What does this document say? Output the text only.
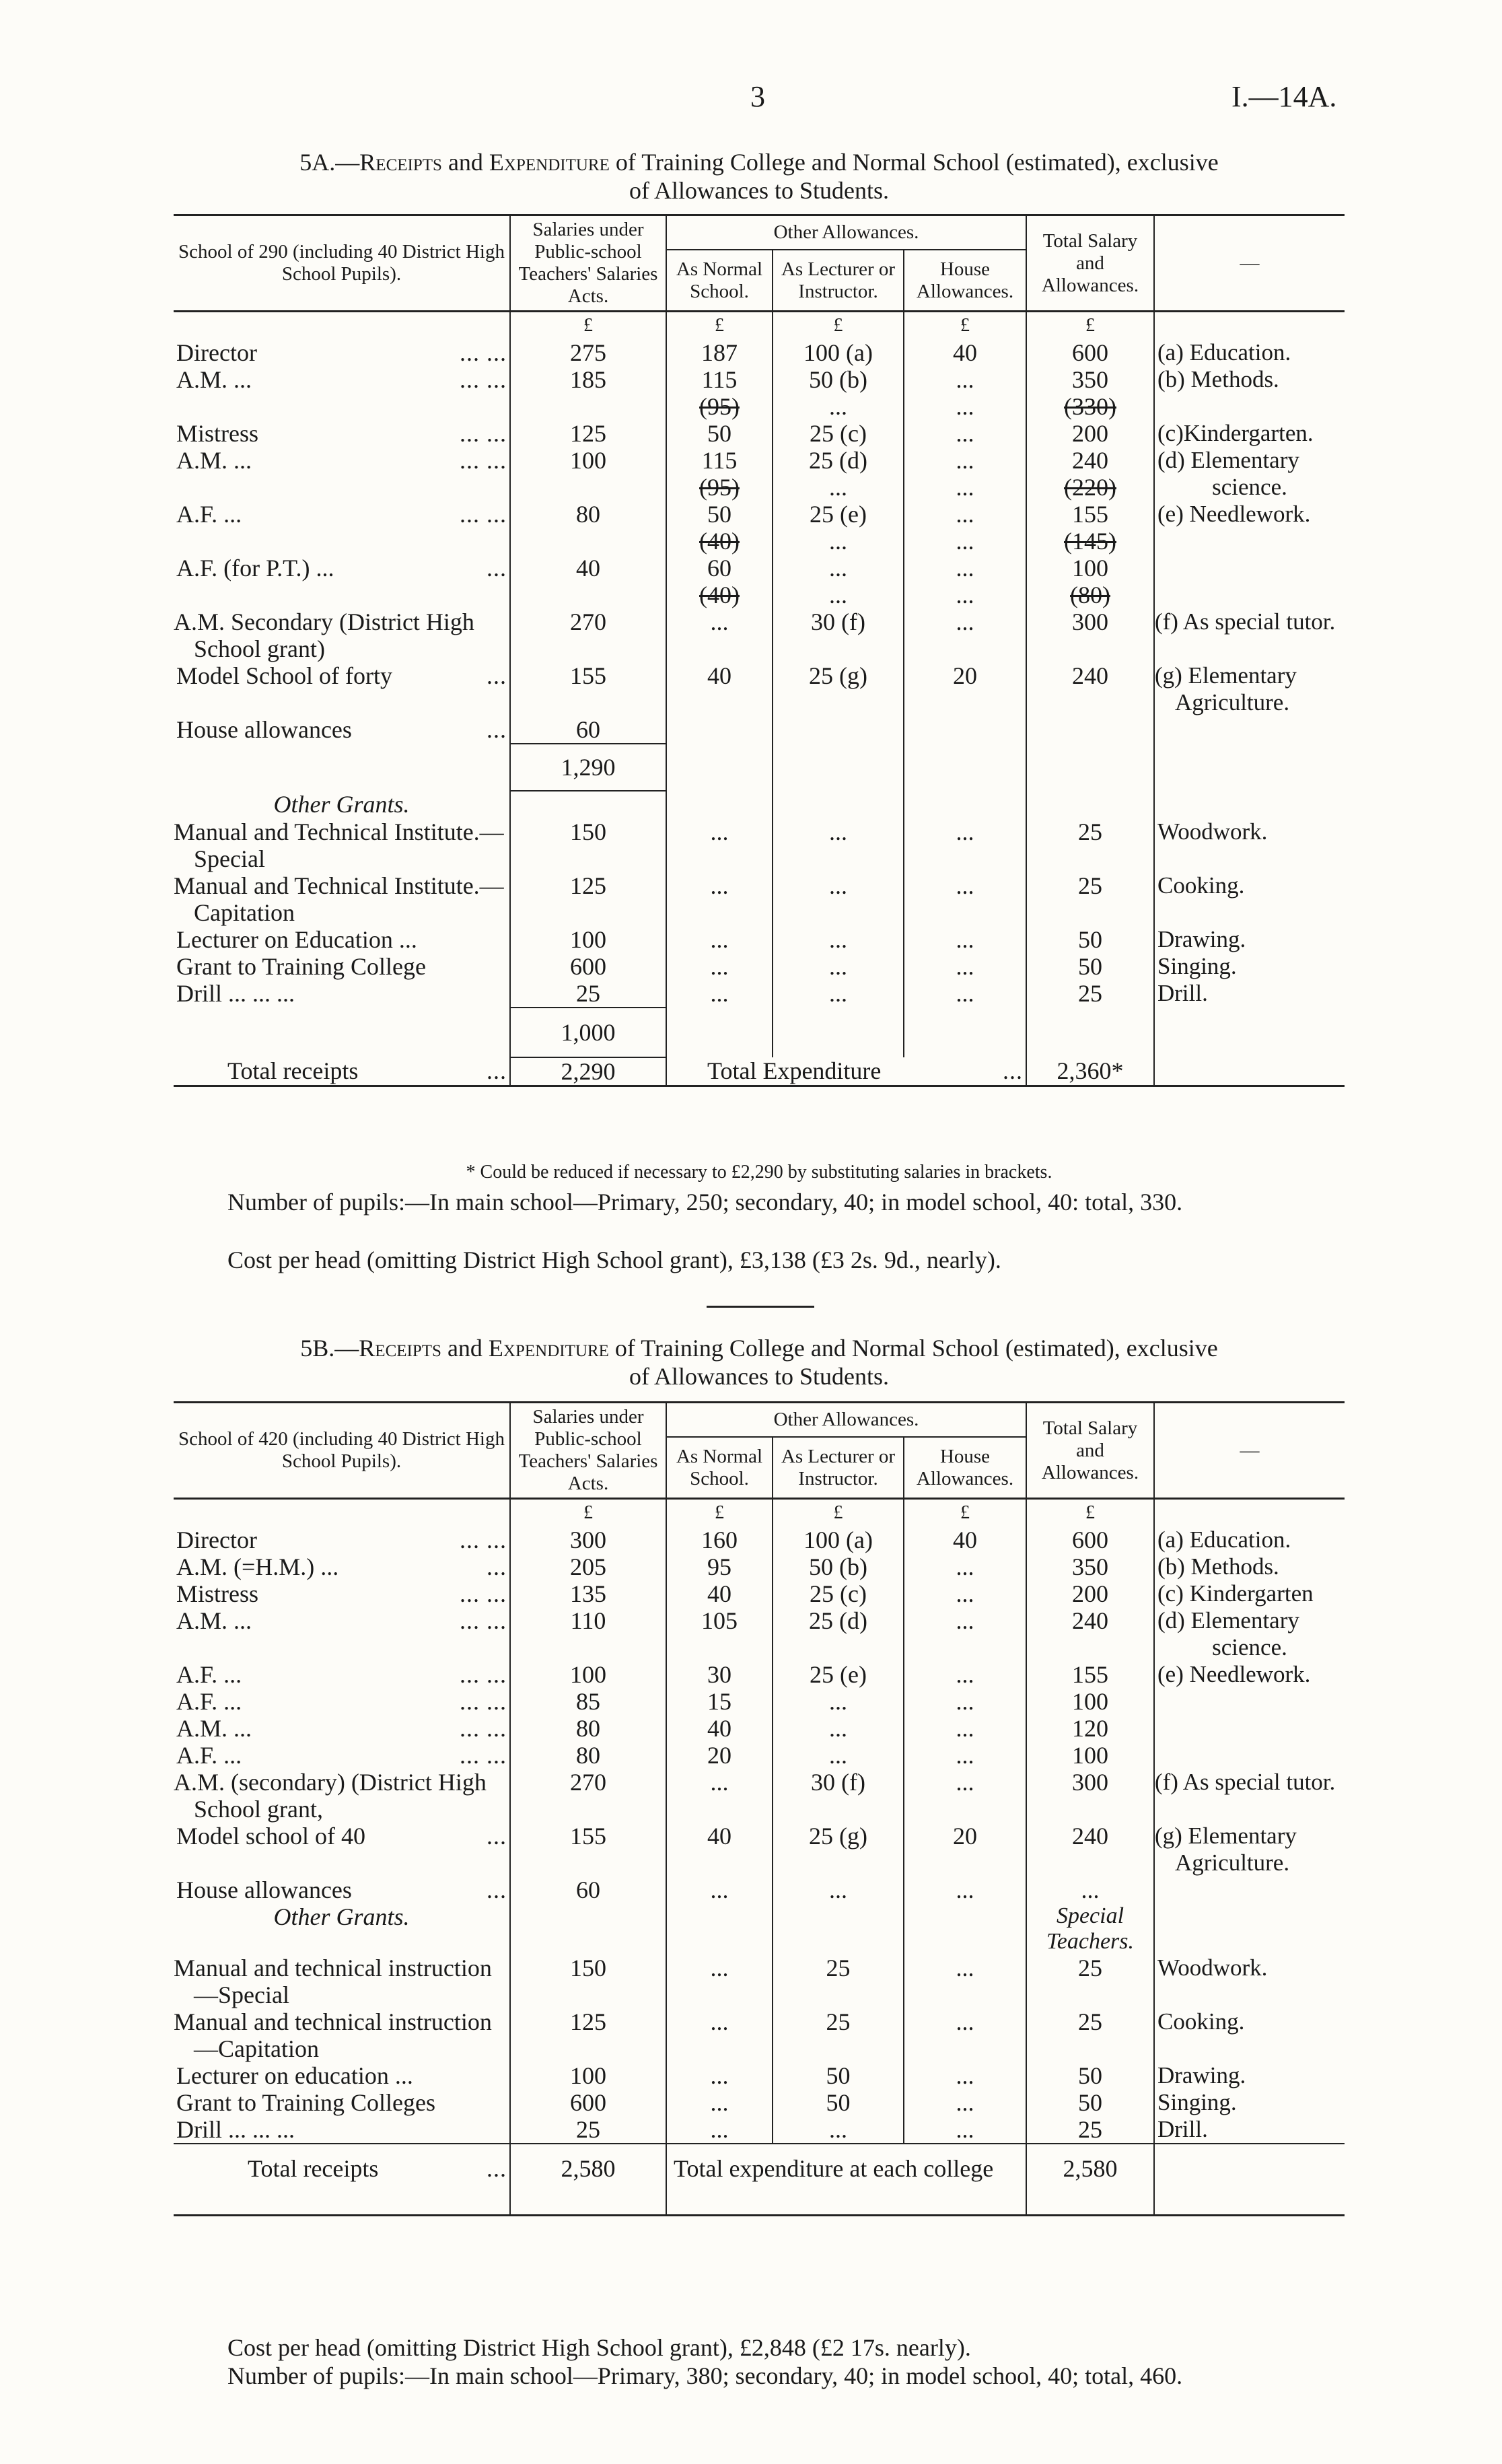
3	I.—14A.
5A.—Receipts and Expenditure of Training College and Normal School (estimated), exclusive
of Allowances to Students.
School of 290 (including 40 District High School Pupils).	Salaries under Public-school Teachers' Salaries Acts.	Other Allowances.			Total Salary and Allowances.	—
		As Normal School.	As Lecturer or Instructor.	House Allowances.		
	£	£	£	£	£	

Director ... ...	275	187	100 (a)	40	600	(a) Education.

A.M. ... ... ...	185	115	50 (b)	...	350	(b) Methods.

		(95)	...	...	(330)	

Mistress ... ...	125	50	25 (c)	...	200	(c)Kindergarten.

A.M. ... ... ...	100	115	25 (d)	...	240	(d) Elementary

		(95)	...	...	(220)	science.

A.F. ... ... ...	80	50	25 (e)	...	155	(e) Needlework.

		(40)	...	...	(145)	

A.F. (for P.T.) ... ...	40	60	...	...	100	

		(40)	...	...	(80)	
A.M. Secondary (District High School grant)	270	...	30 (f)	...	300	(f) As special tutor.

Model School of forty ...	155	40	25 (g)	20	240	(g) Elementary Agriculture.

House allowances ...	60					
	1,290					
Other Grants.						
Manual and Technical Institute.—Special	150	...	...	...	25	Woodwork.
Manual and Technical Institute.—Capitation	125	...	...	...	25	Cooking.
Lecturer on Education ...	100	...	...	...	50	Drawing.
Grant to Training College	600	...	...	...	50	Singing.
Drill ... ... ...	25	...	...	...	25	Drill.
	1,000					

Total receipts ...	2,290	Total Expenditure ...			2,360*	
* Could be reduced if necessary to £2,290 by substituting salaries in brackets.
Number of pupils:—In main school—Primary, 250; secondary, 40; in model school, 40: total, 330.
Cost per head (omitting District High School grant), £3,138 (£3 2s. 9d., nearly).
5B.—Receipts and Expenditure of Training College and Normal School (estimated), exclusive
of Allowances to Students.
School of 420 (including 40 District High School Pupils).	Salaries under Public-school Teachers' Salaries Acts.	Other Allowances.			Total Salary and Allowances.	—
		As Normal School.	As Lecturer or Instructor.	House Allowances.		
	£	£	£	£	£	

Director ... ...	300	160	100 (a)	40	600	(a) Education.

A.M. (=H.M.) ... ...	205	95	50 (b)	...	350	(b) Methods.

Mistress ... ...	135	40	25 (c)	...	200	(c) Kindergarten

A.M. ... ... ...	110	105	25 (d)	...	240	(d) Elementary

						science.

A.F. ... ... ...	100	30	25 (e)	...	155	(e) Needlework.

A.F. ... ... ...	85	15	...	...	100	

A.M. ... ... ...	80	40	...	...	120	

A.F. ... ... ...	80	20	...	...	100	
A.M. (secondary) (District High School grant,	270	...	30 (f)	...	300	(f) As special tutor.

Model school of 40 ...	155	40	25 (g)	20	240	(g) Elementary Agriculture.

House allowances ...	60	...	...	...	...	
Other Grants.					Special Teachers.	
Manual and technical instruction—Special	150	...	25	...	25	Woodwork.
Manual and technical instruction—Capitation	125	...	25	...	25	Cooking.
Lecturer on education ...	100	...	50	...	50	Drawing.
Grant to Training Colleges	600	...	50	...	50	Singing.
Drill ... ... ...	25	...	...	...	25	Drill.

Total receipts ...	2,580	Total expenditure at each college			2,580	
Cost per head (omitting District High School grant), £2,848 (£2 17s. nearly).
Number of pupils:—In main school—Primary, 380; secondary, 40; in model school, 40; total, 460.
